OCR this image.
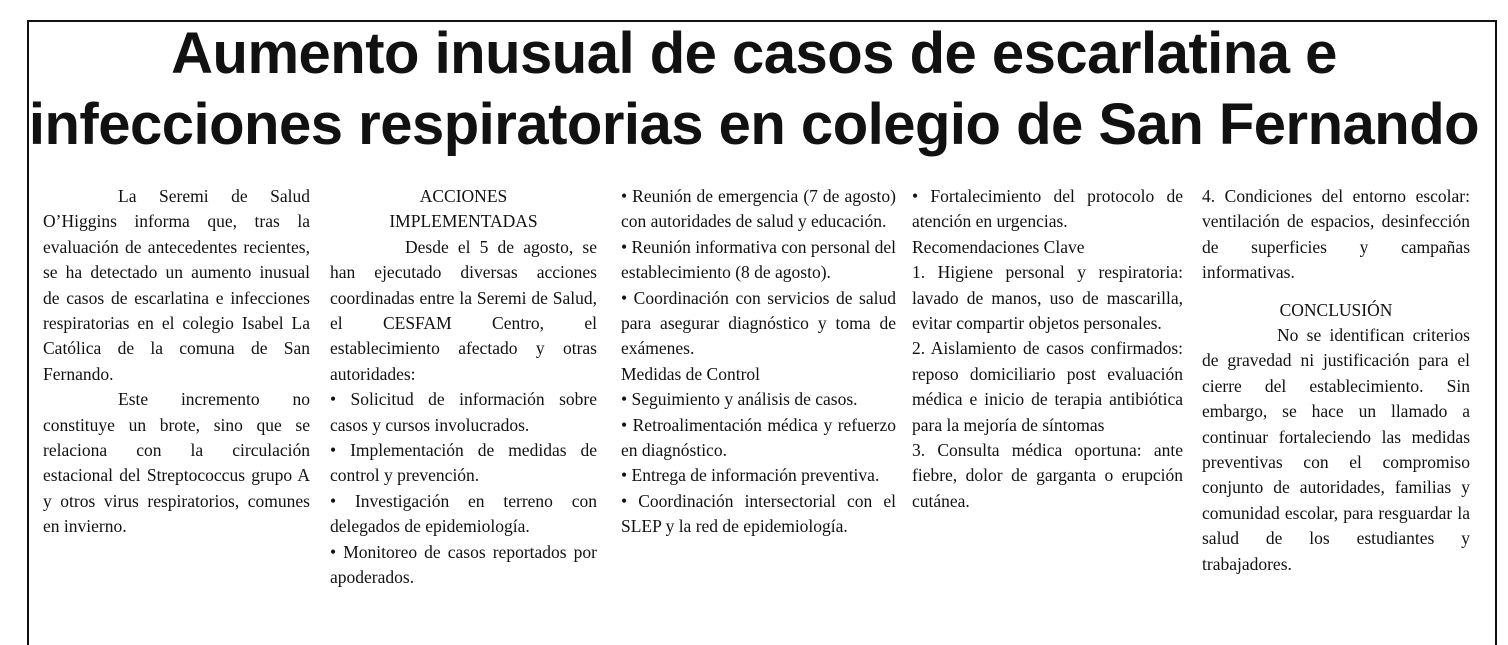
Aumento inusual de casos de escarlatina e
infecciones respiratorias en colegio de San Fernando

La Seremi de Salud O’Higgins informa que, tras la evaluación de antecedentes recientes, se ha detectado un aumento inusual de casos de escarlatina e infecciones respiratorias en el colegio Isabel La Católica de la comuna de San Fernando.

Este incremento no constituye un brote, sino que se relaciona con la circulación estacional del Streptococcus grupo A y otros virus respiratorios, comunes en invierno.

ACCIONES

IMPLEMENTADAS

Desde el 5 de agosto, se han ejecutado diversas acciones coordinadas entre la Seremi de Salud, el CESFAM Centro, el establecimiento afectado y otras autoridades:

• Solicitud de información sobre casos y cursos involucrados.

• Implementación de medidas de control y prevención.

• Investigación en terreno con delegados de epidemiología.

• Monitoreo de casos reportados por apoderados.

• Reunión de emergencia (7 de agosto) con autoridades de salud y educación.

• Reunión informativa con personal del establecimiento (8 de agosto).

• Coordinación con servicios de salud para asegurar diagnóstico y toma de exámenes.

Medidas de Control

• Seguimiento y análisis de casos.

• Retroalimentación médica y refuerzo en diagnóstico.

• Entrega de información preventiva.

• Coordinación intersectorial con el SLEP y la red de epidemiología.

• Fortalecimiento del protocolo de atención en urgencias.

Recomendaciones Clave

1. Higiene personal y respiratoria: lavado de manos, uso de mascarilla, evitar compartir objetos personales.

2. Aislamiento de casos confirmados: reposo domiciliario post evaluación médica e inicio de terapia antibiótica para la mejoría de síntomas

3. Consulta médica oportuna: ante fiebre, dolor de garganta o erupción cutánea.

4. Condiciones del entorno escolar: ventilación de espacios, desinfección de superficies y campañas informativas.

CONCLUSIÓN

No se identifican criterios de gravedad ni justificación para el cierre del establecimiento. Sin embargo, se hace un llamado a continuar fortaleciendo las medidas preventivas con el compromiso conjunto de autoridades, familias y comunidad escolar, para resguardar la salud de los estudiantes y trabajadores.
